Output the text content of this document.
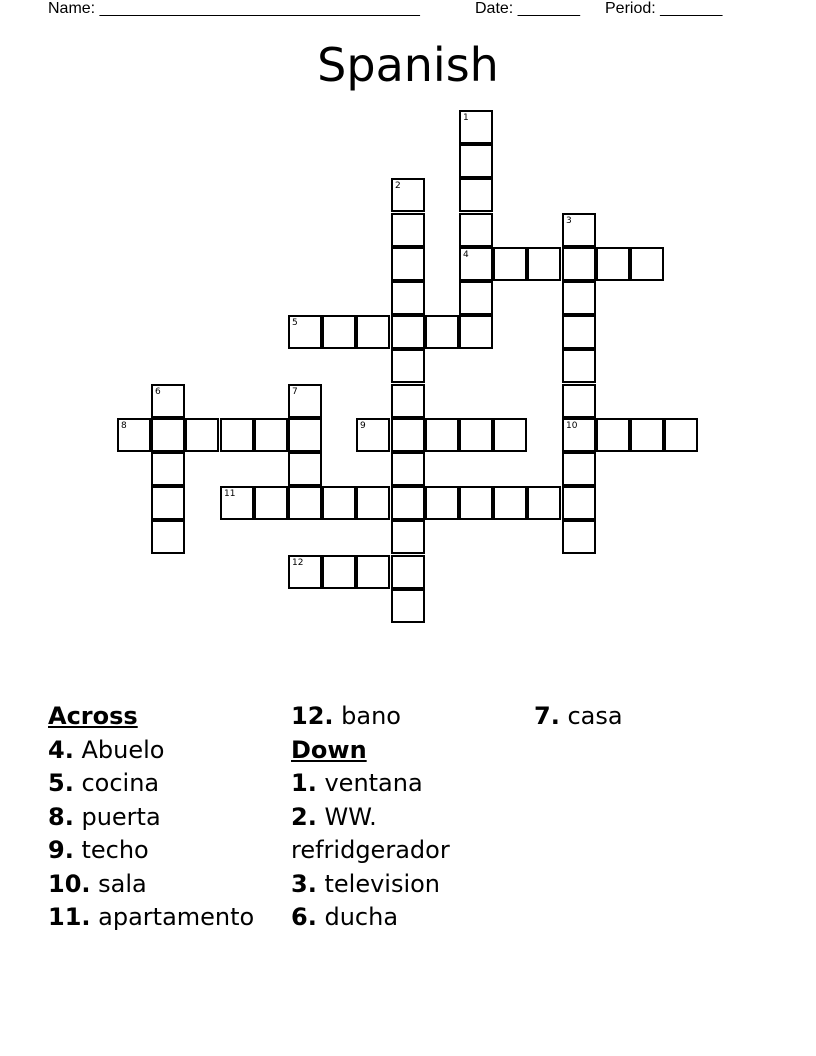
Name: ____________________________________	Date: _______ Period: _______
Spanish
1
4
2
3
10
5
6	7
8	9
11
12
Across
4. Abuelo
5. cocina
8. puerta
9. techo
10. sala
11. apartamento
12. bano
Down
1. ventana
2. WW. refridgerador
3. television
6. ducha
7. casa
